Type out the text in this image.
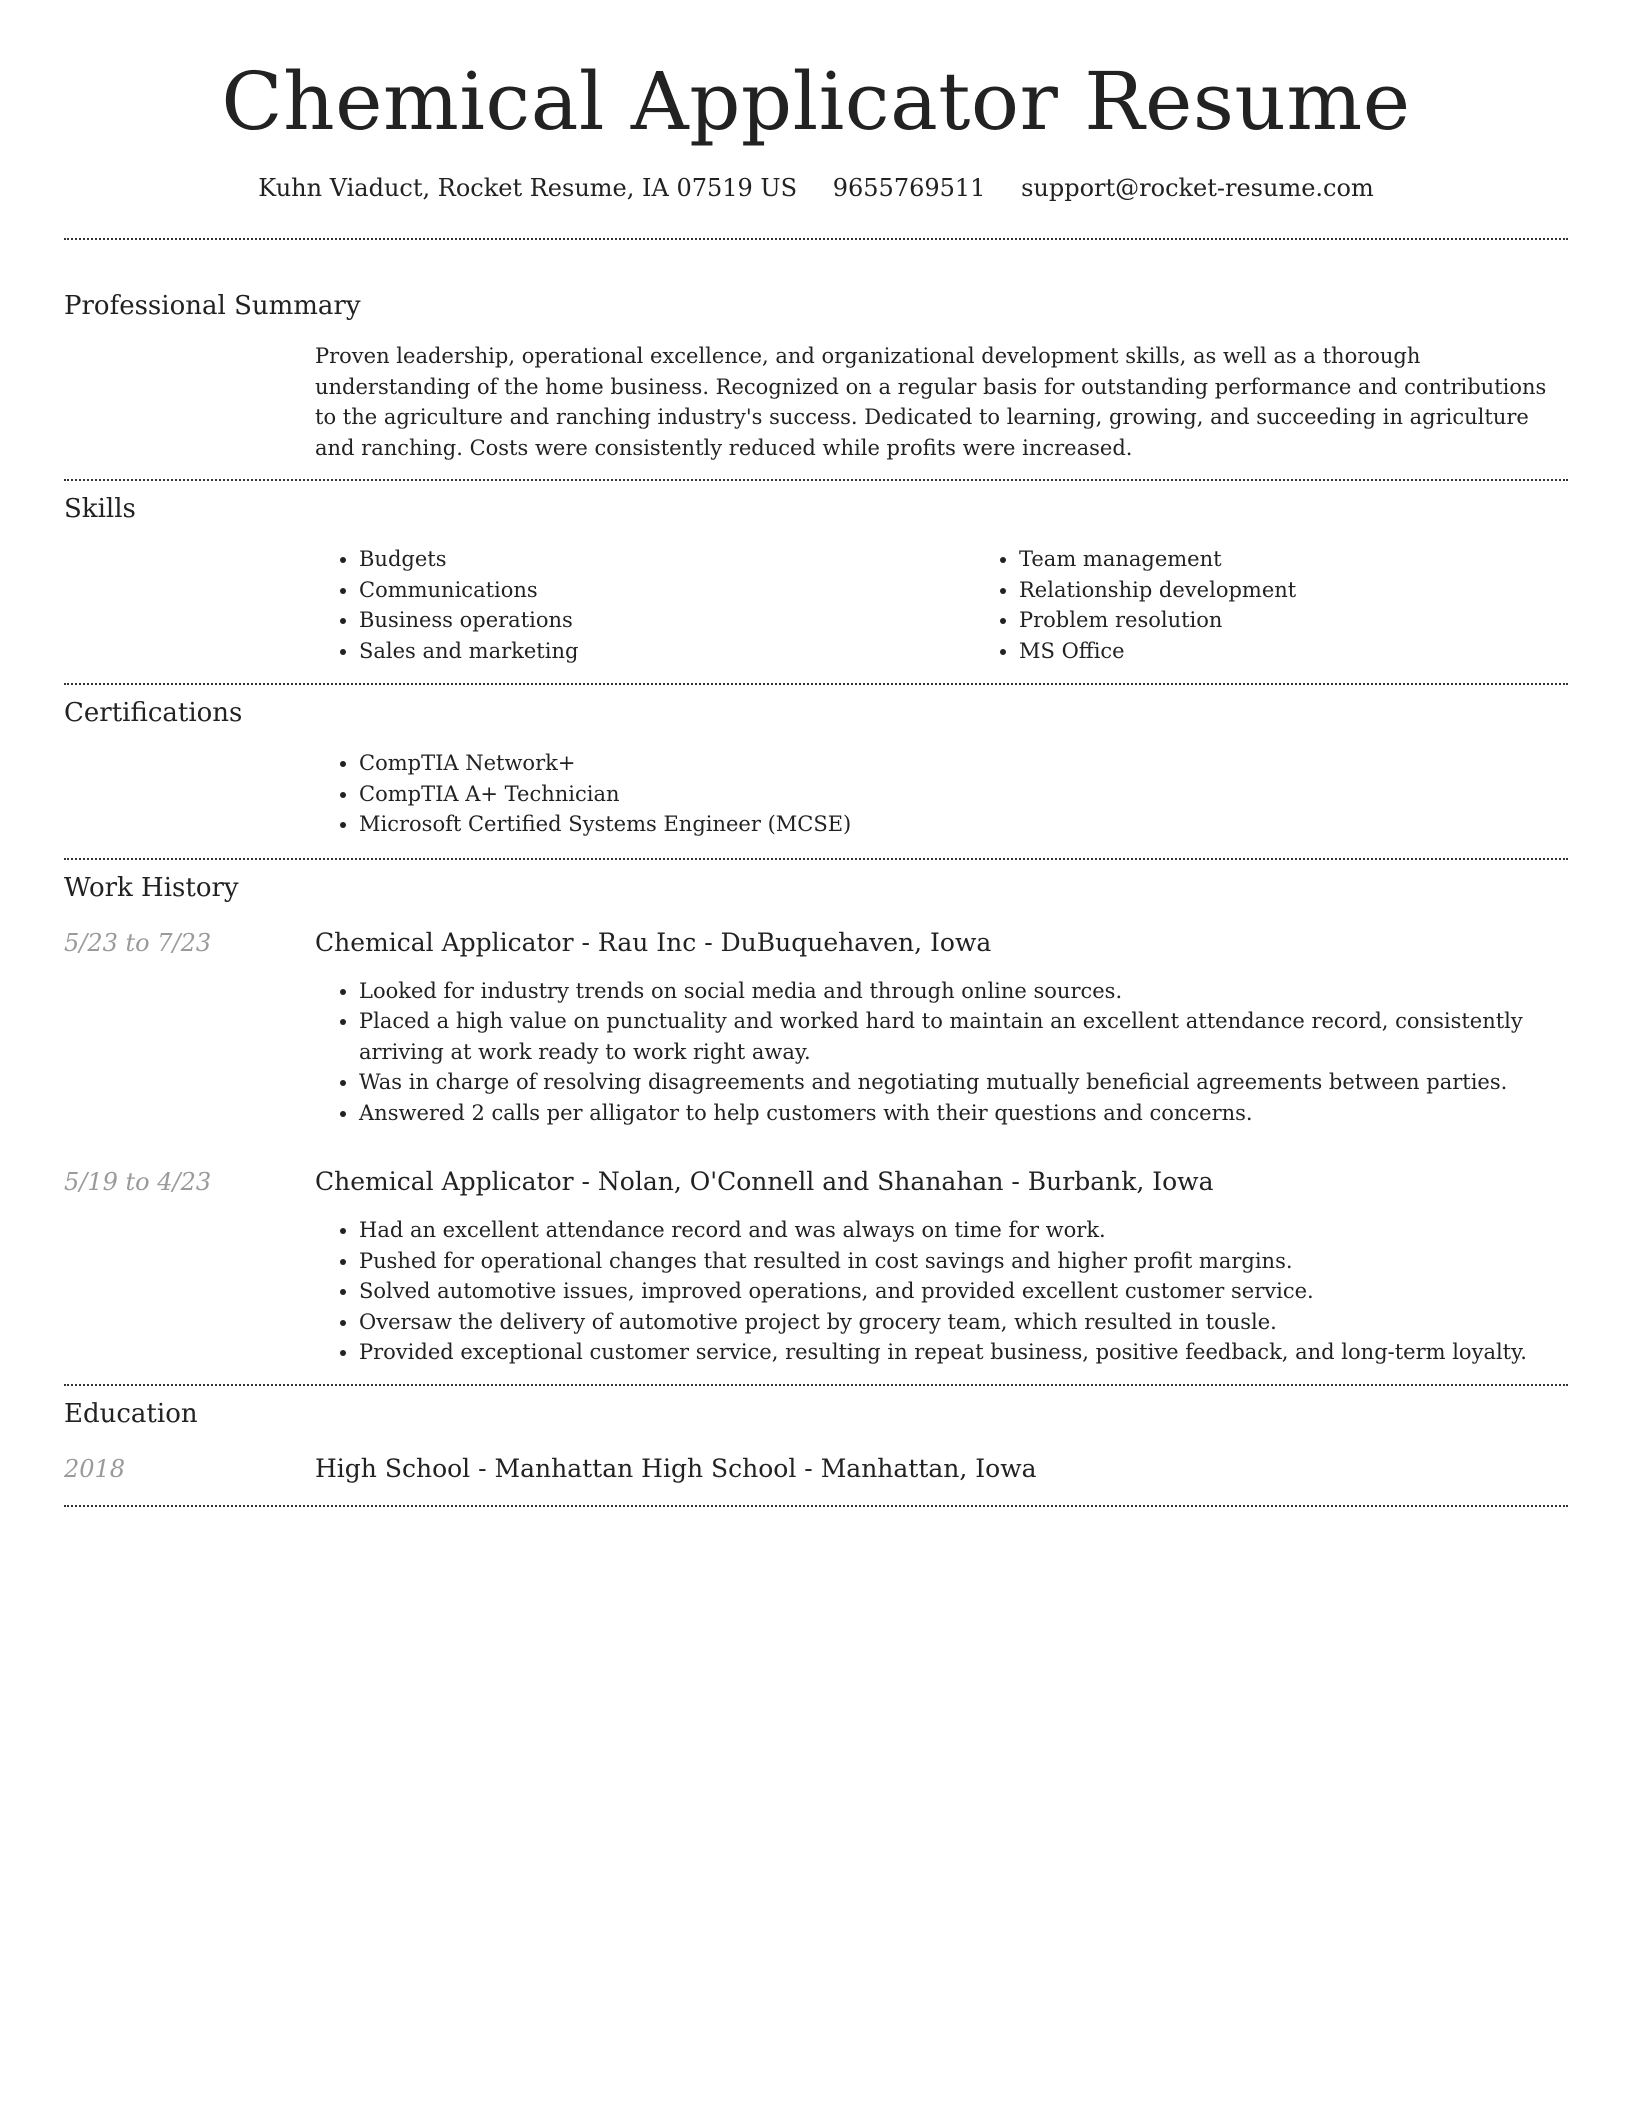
Chemical Applicator Resume
Kuhn Viaduct, Rocket Resume, IA 07519 US 9655769511 support@rocket-resume.com
Professional Summary
Proven leadership, operational excellence, and organizational development skills, as well as a thorough understanding of the home business. Recognized on a regular basis for outstanding performance and contributions to the agriculture and ranching industry's success. Dedicated to learning, growing, and succeeding in agriculture and ranching. Costs were consistently reduced while profits were increased.
Skills
• Budgets
• Communications
• Business operations
• Sales and marketing
• Team management
• Relationship development
• Problem resolution
• MS Office
Certifications
• CompTIA Network+
• CompTIA A+ Technician
• Microsoft Certified Systems Engineer (MCSE)
Work History
5/23 to 7/23	Chemical Applicator - Rau Inc - DuBuquehaven, Iowa
• Looked for industry trends on social media and through online sources.
• Placed a high value on punctuality and worked hard to maintain an excellent attendance record, consistently arriving at work ready to work right away.
• Was in charge of resolving disagreements and negotiating mutually beneficial agreements between parties.
• Answered 2 calls per alligator to help customers with their questions and concerns.
5/19 to 4/23	Chemical Applicator - Nolan, O'Connell and Shanahan - Burbank, Iowa
• Had an excellent attendance record and was always on time for work.
• Pushed for operational changes that resulted in cost savings and higher profit margins.
• Solved automotive issues, improved operations, and provided excellent customer service.
• Oversaw the delivery of automotive project by grocery team, which resulted in tousle.
• Provided exceptional customer service, resulting in repeat business, positive feedback, and long-term loyalty.
Education
2018	High School - Manhattan High School - Manhattan, Iowa
